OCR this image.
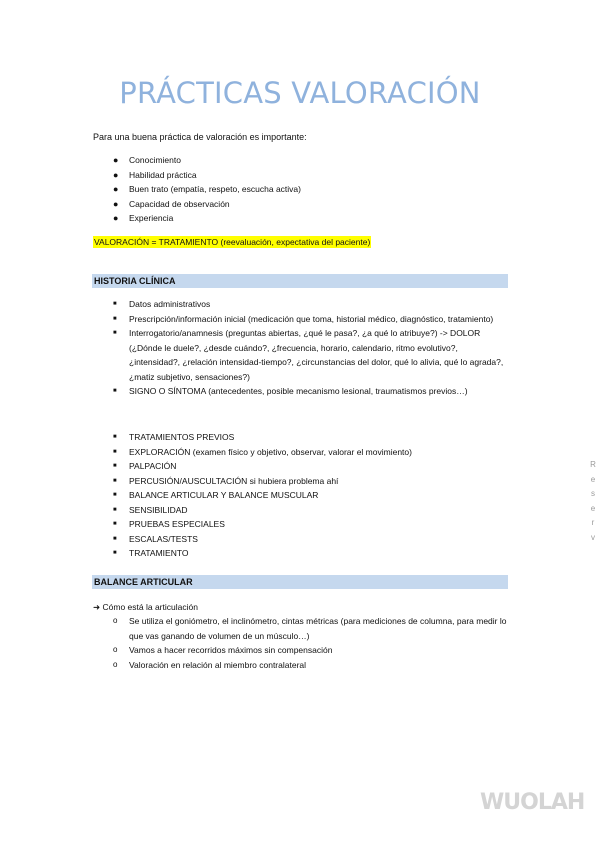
PRÁCTICAS VALORACIÓN
Para una buena práctica de valoración es importante:
● Conocimiento
● Habilidad práctica
● Buen trato (empatía, respeto, escucha activa)
● Capacidad de observación
● Experiencia
VALORACIÓN = TRATAMIENTO (reevaluación, expectativa del paciente)
HISTORIA CLÍNICA
■ Datos administrativos
■ Prescripción/información inicial (medicación que toma, historial médico, diagnóstico, tratamiento)
■ Interrogatorio/anamnesis (preguntas abiertas, ¿qué le pasa?, ¿a qué lo atribuye?) -> DOLOR (¿Dónde le duele?, ¿desde cuándo?, ¿frecuencia, horario, calendario, ritmo evolutivo?, ¿intensidad?, ¿relación intensidad-tiempo?, ¿circunstancias del dolor, qué lo alivia, qué lo agrada?, ¿matiz subjetivo, sensaciones?)
■ SIGNO O SÍNTOMA (antecedentes, posible mecanismo lesional, traumatismos previos…)
■ TRATAMIENTOS PREVIOS
■ EXPLORACIÓN (examen físico y objetivo, observar, valorar el movimiento)
■ PALPACIÓN
■ PERCUSIÓN/AUSCULTACIÓN si hubiera problema ahí
■ BALANCE ARTICULAR Y BALANCE MUSCULAR
■ SENSIBILIDAD
■ PRUEBAS ESPECIALES
■ ESCALAS/TESTS
■ TRATAMIENTO
BALANCE ARTICULAR
➜ Cómo está la articulación
o Se utiliza el goniómetro, el inclinómetro, cintas métricas (para mediciones de columna, para medir lo que vas ganando de volumen de un músculo…)
o Vamos a hacer recorridos máximos sin compensación
o Valoración en relación al miembro contralateral
R
e
s
e
r
v
WUOLAH
